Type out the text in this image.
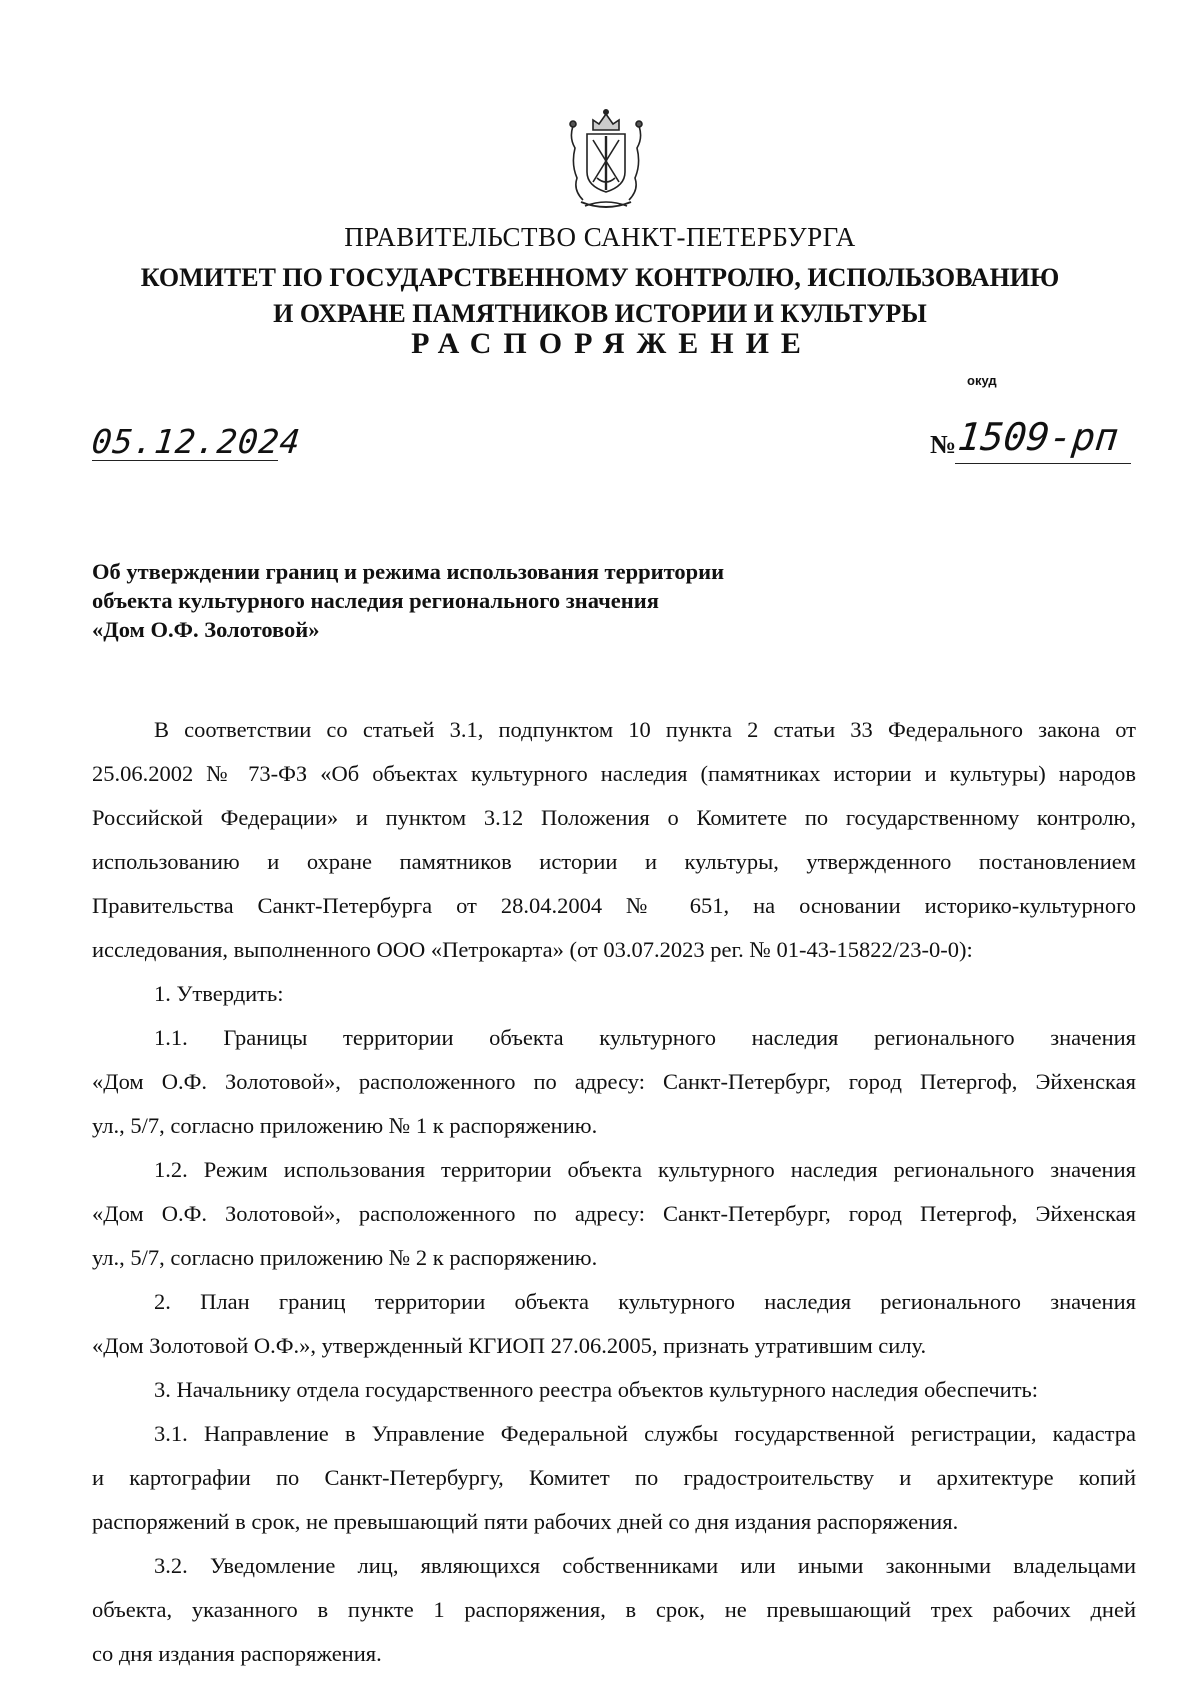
ПРАВИТЕЛЬСТВО САНКТ-ПЕТЕРБУРГА
КОМИТЕТ ПО ГОСУДАРСТВЕННОМУ КОНТРОЛЮ, ИСПОЛЬЗОВАНИЮ
И ОХРАНЕ ПАМЯТНИКОВ ИСТОРИИ И КУЛЬТУРЫ
РАСПОРЯЖЕНИЕ
окуд
05.12.2024	№ 1509-рп
Об утверждении границ и режима использования территории
объекта культурного наследия регионального значения
«Дом О.Ф. Золотовой»
В соответствии со статьей 3.1, подпунктом 10 пункта 2 статьи 33 Федерального закона от
25.06.2002 № 73-ФЗ «Об объектах культурного наследия (памятниках истории и культуры) народов
Российской Федерации» и пунктом 3.12 Положения о Комитете по государственному контролю,
использованию и охране памятников истории и культуры, утвержденного постановлением
Правительства Санкт-Петербурга от 28.04.2004 № 651, на основании историко-культурного
исследования, выполненного ООО «Петрокарта» (от 03.07.2023 рег. № 01-43-15822/23-0-0):
1. Утвердить:
1.1. Границы территории объекта культурного наследия регионального значения
«Дом О.Ф. Золотовой», расположенного по адресу: Санкт-Петербург, город Петергоф, Эйхенская
ул., 5/7, согласно приложению № 1 к распоряжению.
1.2. Режим использования территории объекта культурного наследия регионального значения
«Дом О.Ф. Золотовой», расположенного по адресу: Санкт-Петербург, город Петергоф, Эйхенская
ул., 5/7, согласно приложению № 2 к распоряжению.
2. План границ территории объекта культурного наследия регионального значения
«Дом Золотовой О.Ф.», утвержденный КГИОП 27.06.2005, признать утратившим силу.
3. Начальнику отдела государственного реестра объектов культурного наследия обеспечить:
3.1. Направление в Управление Федеральной службы государственной регистрации, кадастра
и картографии по Санкт-Петербургу, Комитет по градостроительству и архитектуре копий
распоряжений в срок, не превышающий пяти рабочих дней со дня издания распоряжения.
3.2. Уведомление лиц, являющихся собственниками или иными законными владельцами
объекта, указанного в пункте 1 распоряжения, в срок, не превышающий трех рабочих дней
со дня издания распоряжения.
